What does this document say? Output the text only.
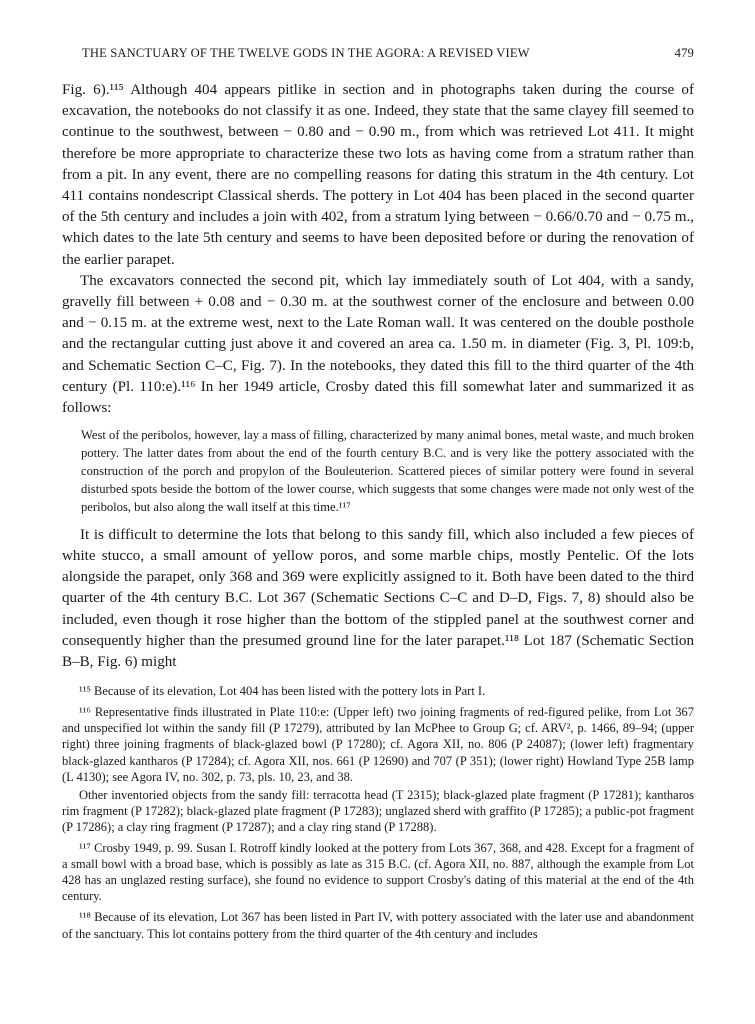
THE SANCTUARY OF THE TWELVE GODS IN THE AGORA: A REVISED VIEW	479

Fig. 6).¹¹⁵ Although 404 appears pitlike in section and in photographs taken during the course of excavation, the notebooks do not classify it as one. Indeed, they state that the same clayey fill seemed to continue to the southwest, between − 0.80 and − 0.90 m., from which was retrieved Lot 411. It might therefore be more appropriate to characterize these two lots as having come from a stratum rather than from a pit. In any event, there are no compelling reasons for dating this stratum in the 4th century. Lot 411 contains nondescript Classical sherds. The pottery in Lot 404 has been placed in the second quarter of the 5th century and includes a join with 402, from a stratum lying between − 0.66/0.70 and − 0.75 m., which dates to the late 5th century and seems to have been deposited before or during the renovation of the earlier parapet.

The excavators connected the second pit, which lay immediately south of Lot 404, with a sandy, gravelly fill between + 0.08 and − 0.30 m. at the southwest corner of the enclosure and between 0.00 and − 0.15 m. at the extreme west, next to the Late Roman wall. It was centered on the double posthole and the rectangular cutting just above it and covered an area ca. 1.50 m. in diameter (Fig. 3, Pl. 109:b, and Schematic Section C–C, Fig. 7). In the notebooks, they dated this fill to the third quarter of the 4th century (Pl. 110:e).¹¹⁶ In her 1949 article, Crosby dated this fill somewhat later and summarized it as follows:

West of the peribolos, however, lay a mass of filling, characterized by many animal bones, metal waste, and much broken pottery. The latter dates from about the end of the fourth century B.C. and is very like the pottery associated with the construction of the porch and propylon of the Bouleuterion. Scattered pieces of similar pottery were found in several disturbed spots beside the bottom of the lower course, which suggests that some changes were made not only west of the peribolos, but also along the wall itself at this time.¹¹⁷

It is difficult to determine the lots that belong to this sandy fill, which also included a few pieces of white stucco, a small amount of yellow poros, and some marble chips, mostly Pentelic. Of the lots alongside the parapet, only 368 and 369 were explicitly assigned to it. Both have been dated to the third quarter of the 4th century B.C. Lot 367 (Schematic Sections C–C and D–D, Figs. 7, 8) should also be included, even though it rose higher than the bottom of the stippled panel at the southwest corner and consequently higher than the presumed ground line for the later parapet.¹¹⁸ Lot 187 (Schematic Section B–B, Fig. 6) might

¹¹⁵ Because of its elevation, Lot 404 has been listed with the pottery lots in Part I.

¹¹⁶ Representative finds illustrated in Plate 110:e: (Upper left) two joining fragments of red-figured pelike, from Lot 367 and unspecified lot within the sandy fill (P 17279), attributed by Ian McPhee to Group G; cf. ARV², p. 1466, 89–94; (upper right) three joining fragments of black-glazed bowl (P 17280); cf. Agora XII, no. 806 (P 24087); (lower left) fragmentary black-glazed kantharos (P 17284); cf. Agora XII, nos. 661 (P 12690) and 707 (P 351); (lower right) Howland Type 25B lamp (L 4130); see Agora IV, no. 302, p. 73, pls. 10, 23, and 38.

Other inventoried objects from the sandy fill: terracotta head (T 2315); black-glazed plate fragment (P 17281); kantharos rim fragment (P 17282); black-glazed plate fragment (P 17283); unglazed sherd with graffito (P 17285); a public-pot fragment (P 17286); a clay ring fragment (P 17287); and a clay ring stand (P 17288).

¹¹⁷ Crosby 1949, p. 99. Susan I. Rotroff kindly looked at the pottery from Lots 367, 368, and 428. Except for a fragment of a small bowl with a broad base, which is possibly as late as 315 B.C. (cf. Agora XII, no. 887, although the example from Lot 428 has an unglazed resting surface), she found no evidence to support Crosby's dating of this material at the end of the 4th century.

¹¹⁸ Because of its elevation, Lot 367 has been listed in Part IV, with pottery associated with the later use and abandonment of the sanctuary. This lot contains pottery from the third quarter of the 4th century and includes
